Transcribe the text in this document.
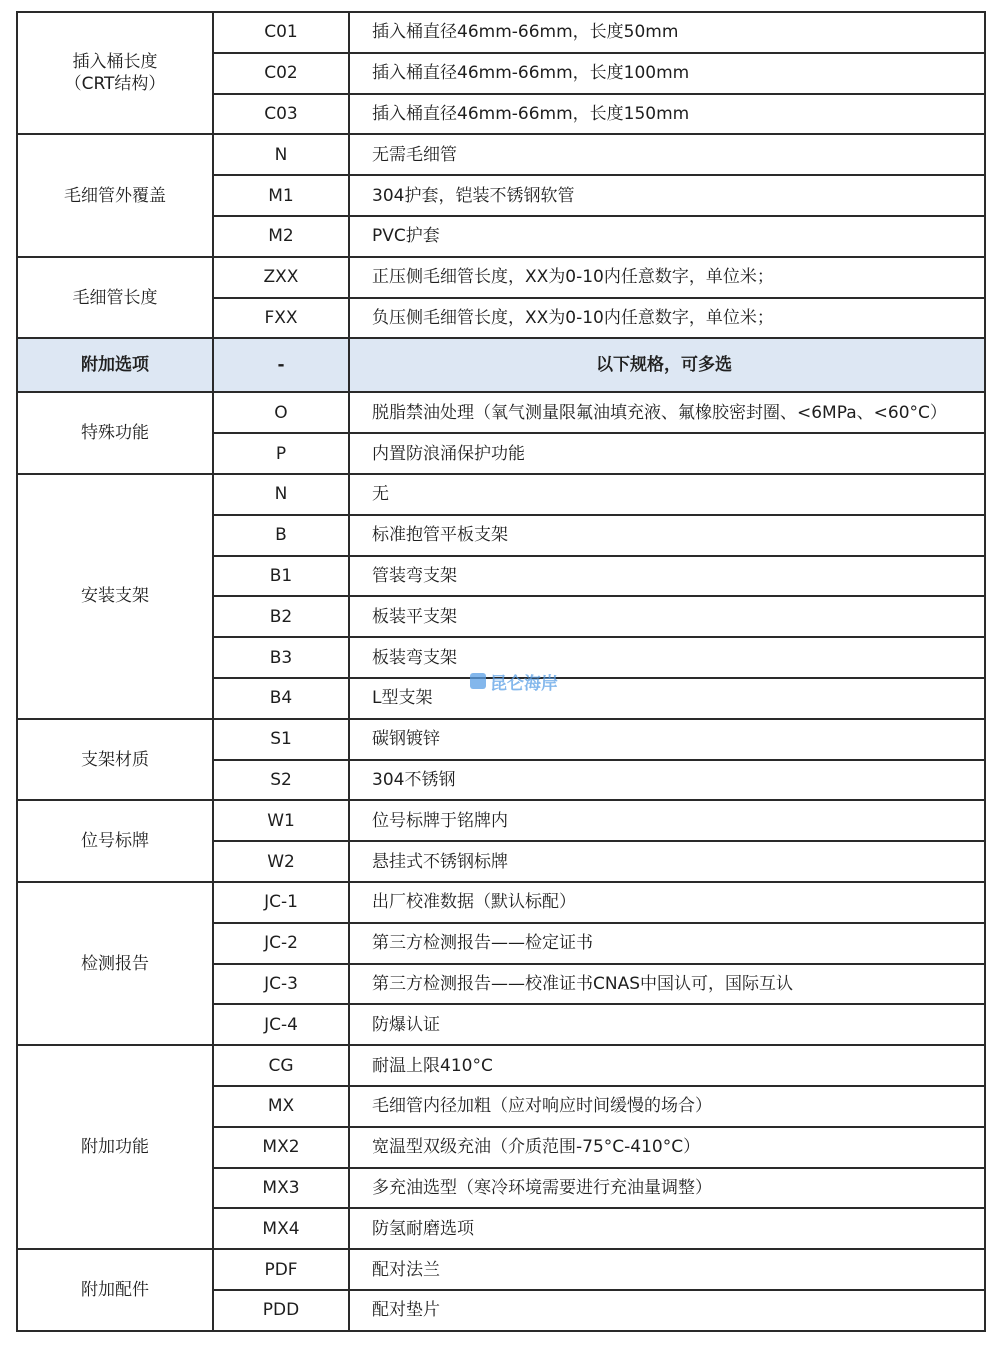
插入桶长度
（CRT结构）	C01	插入桶直径46mm-66mm，长度50mm
	C02	插入桶直径46mm-66mm，长度100mm
	C03	插入桶直径46mm-66mm，长度150mm
毛细管外覆盖	N	无需毛细管
	M1	304护套，铠装不锈钢软管
	M2	PVC护套
毛细管长度	ZXX	正压侧毛细管长度，XX为0-10内任意数字，单位米；
	FXX	负压侧毛细管长度，XX为0-10内任意数字，单位米；
附加选项	-	以下规格，可多选
特殊功能	O	脱脂禁油处理（氧气测量限氟油填充液、氟橡胶密封圈、<6MPa、<60°C）
	P	内置防浪涌保护功能
安装支架	N	无
	B	标准抱管平板支架
	B1	管装弯支架
	B2	板装平支架
	B3	板装弯支架
	B4	L型支架
支架材质	S1	碳钢镀锌
	S2	304不锈钢
位号标牌	W1	位号标牌于铭牌内
	W2	悬挂式不锈钢标牌
检测报告	JC-1	出厂校准数据（默认标配）
	JC-2	第三方检测报告——检定证书
	JC-3	第三方检测报告——校准证书CNAS中国认可，国际互认
	JC-4	防爆认证
附加功能	CG	耐温上限410°C
	MX	毛细管内径加粗（应对响应时间缓慢的场合）
	MX2	宽温型双级充油（介质范围-75°C-410°C）
	MX3	多充油选型（寒冷环境需要进行充油量调整）
	MX4	防氢耐磨选项
附加配件	PDF	配对法兰
	PDD	配对垫片
昆仑海岸
